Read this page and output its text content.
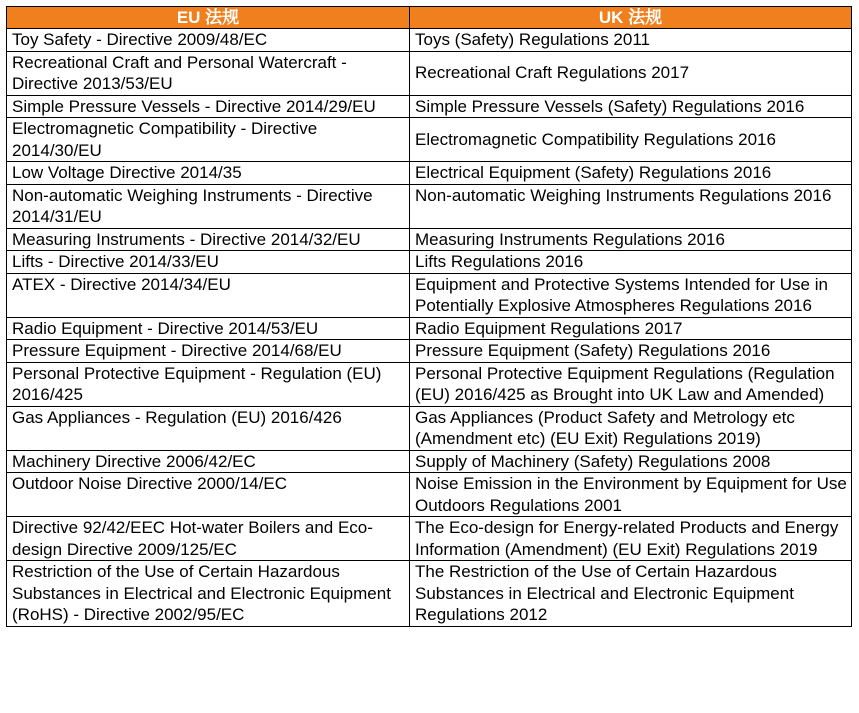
EU 法规	UK 法规
Toy Safety - Directive 2009/48/EC	Toys (Safety) Regulations 2011
Recreational Craft and Personal Watercraft - Directive 2013/53/EU	Recreational Craft Regulations 2017
Simple Pressure Vessels - Directive 2014/29/EU	Simple Pressure Vessels (Safety) Regulations 2016
Electromagnetic Compatibility - Directive 2014/30/EU	Electromagnetic Compatibility Regulations 2016
Low Voltage Directive 2014/35	Electrical Equipment (Safety) Regulations 2016
Non-automatic Weighing Instruments - Directive 2014/31/EU	Non-automatic Weighing Instruments Regulations 2016
Measuring Instruments - Directive 2014/32/EU	Measuring Instruments Regulations 2016
Lifts - Directive 2014/33/EU	Lifts Regulations 2016
ATEX - Directive 2014/34/EU	Equipment and Protective Systems Intended for Use in Potentially Explosive Atmospheres Regulations 2016
Radio Equipment - Directive 2014/53/EU	Radio Equipment Regulations 2017
Pressure Equipment - Directive 2014/68/EU	Pressure Equipment (Safety) Regulations 2016
Personal Protective Equipment - Regulation (EU) 2016/425	Personal Protective Equipment Regulations (Regulation (EU) 2016/425 as Brought into UK Law and Amended)
Gas Appliances - Regulation (EU) 2016/426	Gas Appliances (Product Safety and Metrology etc (Amendment etc) (EU Exit) Regulations 2019)
Machinery Directive 2006/42/EC	Supply of Machinery (Safety) Regulations 2008
Outdoor Noise Directive 2000/14/EC	Noise Emission in the Environment by Equipment for Use Outdoors Regulations 2001
Directive 92/42/EEC Hot-water Boilers and Eco-design Directive 2009/125/EC	The Eco-design for Energy-related Products and Energy Information (Amendment) (EU Exit) Regulations 2019
Restriction of the Use of Certain Hazardous Substances in Electrical and Electronic Equipment (RoHS) - Directive 2002/95/EC	The Restriction of the Use of Certain Hazardous Substances in Electrical and Electronic Equipment Regulations 2012
